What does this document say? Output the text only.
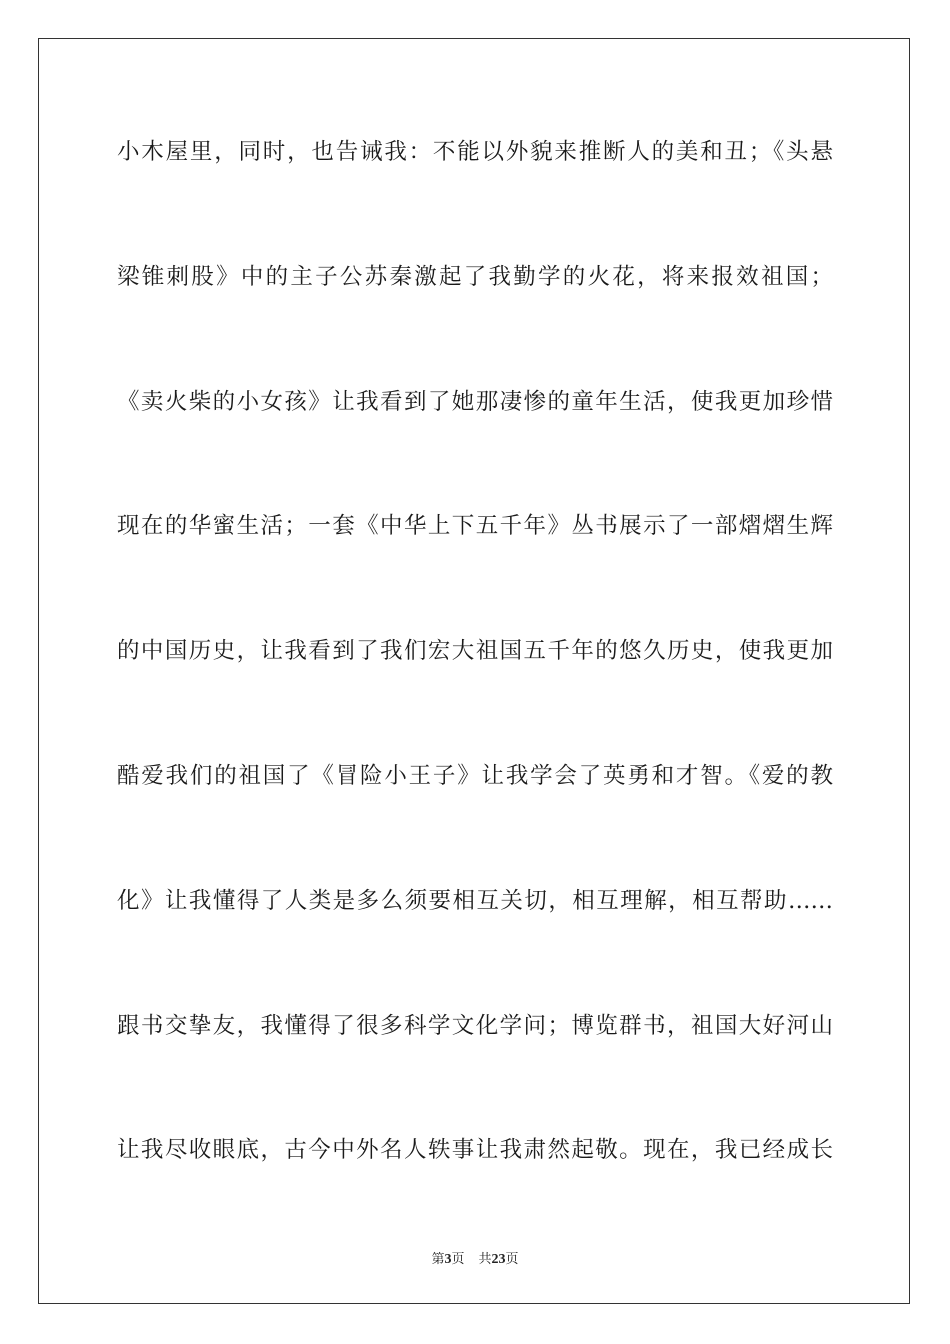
小木屋里，同时，也告诫我：不能以外貌来推断人的美和丑；《头悬
梁锥刺股》中的主子公苏秦激起了我勤学的火花，将来报效祖国；
《卖火柴的小女孩》让我看到了她那凄惨的童年生活，使我更加珍惜
现在的华蜜生活；一套《中华上下五千年》丛书展示了一部熠熠生辉
的中国历史，让我看到了我们宏大祖国五千年的悠久历史，使我更加
酷爱我们的祖国了《冒险小王子》让我学会了英勇和才智。《爱的教
化》让我懂得了人类是多么须要相互关切，相互理解，相互帮助……
跟书交挚友，我懂得了很多科学文化学问；博览群书，祖国大好河山
让我尽收眼底，古今中外名人轶事让我肃然起敬。现在，我已经成长
第3页 共23页
